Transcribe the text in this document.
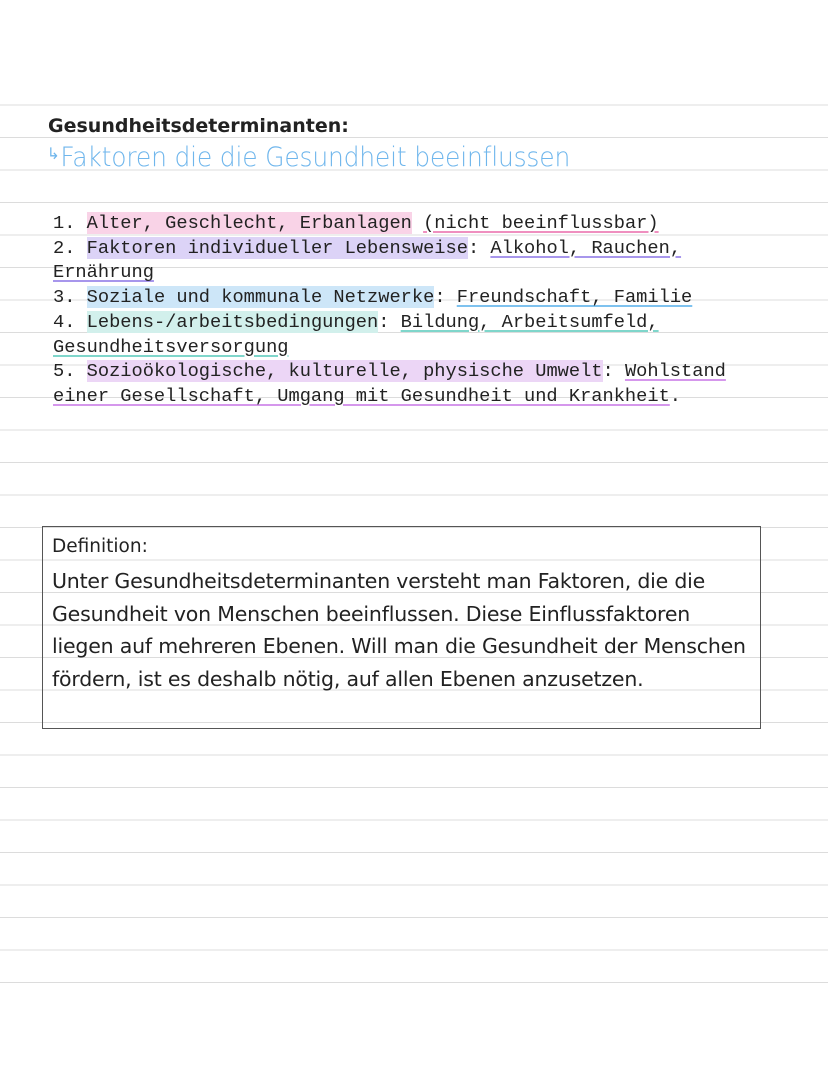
Gesundheitsdeterminanten:

↳Faktoren die die Gesundheit beeinflussen

1. Alter, Geschlecht, Erbanlagen (nicht beeinflussbar)
2. Faktoren individueller Lebensweise: Alkohol, Rauchen, Ernährung
3. Soziale und kommunale Netzwerke: Freundschaft, Familie
4. Lebens-/arbeitsbedingungen: Bildung, Arbeitsumfeld, Gesundheitsversorgung
5. Sozioökologische, kulturelle, physische Umwelt: Wohlstand einer Gesellschaft, Umgang mit Gesundheit und Krankheit.

Definition:

Unter Gesundheitsdeterminanten versteht man Faktoren, die die Gesundheit von Menschen beeinflussen. Diese Einflussfaktoren liegen auf mehreren Ebenen. Will man die Gesundheit der Menschen fördern, ist es deshalb nötig, auf allen Ebenen anzusetzen.
